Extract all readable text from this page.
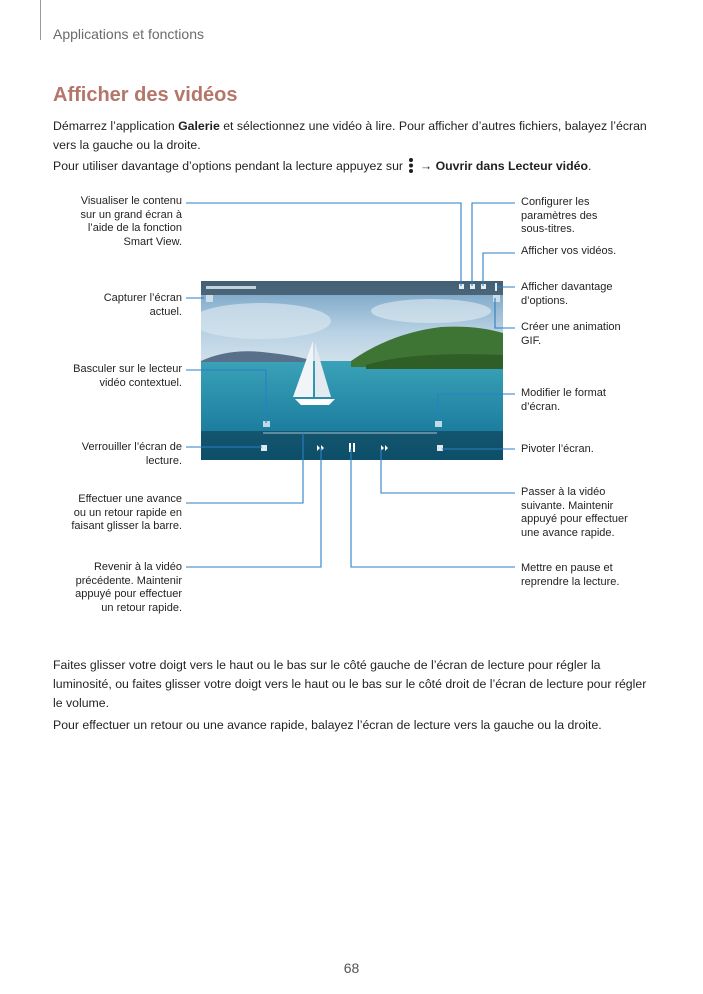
Applications et fonctions
Afficher des vidéos
Démarrez l’application Galerie et sélectionnez une vidéo à lire. Pour afficher d’autres fichiers, balayez l’écran vers la gauche ou la droite.
Pour utiliser davantage d’options pendant la lecture appuyez sur  → Ouvrir dans Lecteur vidéo.
Visualiser le contenu sur un grand écran à l’aide de la fonction Smart View.
Capturer l’écran actuel.
Basculer sur le lecteur vidéo contextuel.
Verrouiller l’écran de lecture.
Effectuer une avance ou un retour rapide en faisant glisser la barre.
Revenir à la vidéo précédente. Maintenir appuyé pour effectuer un retour rapide.
Configurer les paramètres des sous-titres.
Afficher vos vidéos.
Afficher davantage d’options.
Créer une animation GIF.
Modifier le format d’écran.
Pivoter l’écran.
Passer à la vidéo suivante. Maintenir appuyé pour effectuer une avance rapide.
Mettre en pause et reprendre la lecture.
Faites glisser votre doigt vers le haut ou le bas sur le côté gauche de l’écran de lecture pour régler la luminosité, ou faites glisser votre doigt vers le haut ou le bas sur le côté droit de l’écran de lecture pour régler le volume.
Pour effectuer un retour ou une avance rapide, balayez l’écran de lecture vers la gauche ou la droite.
68
